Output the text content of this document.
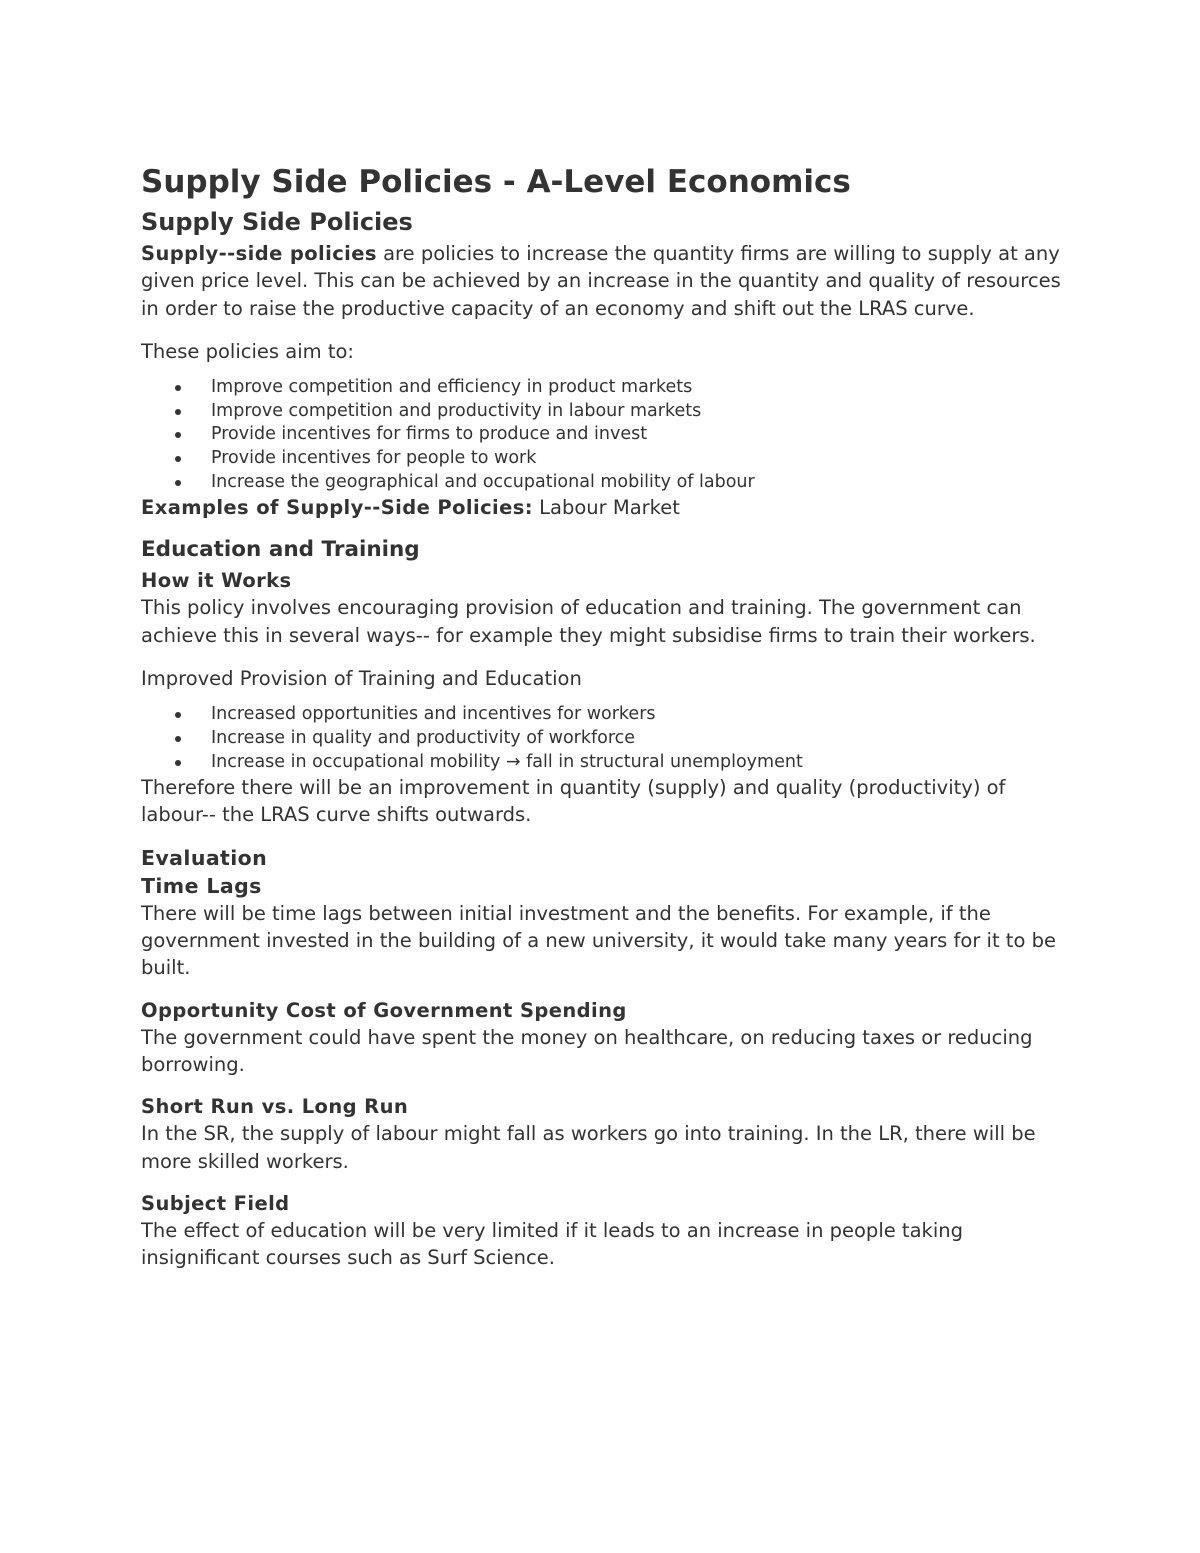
Supply Side Policies - A-Level Economics
Supply Side Policies

Supply--side policies are policies to increase the quantity firms are willing to supply at any given price level. This can be achieved by an increase in the quantity and quality of resources in order to raise the productive capacity of an economy and shift out the LRAS curve.

These policies aim to:

Improve competition and efficiency in product markets
Improve competition and productivity in labour markets
Provide incentives for firms to produce and invest
Provide incentives for people to work
Increase the geographical and occupational mobility of labour

Examples of Supply--Side Policies: Labour Market

Education and Training
How it Works

This policy involves encouraging provision of education and training. The government can achieve this in several ways-- for example they might subsidise firms to train their workers.

Improved Provision of Training and Education

Increased opportunities and incentives for workers
Increase in quality and productivity of workforce
Increase in occupational mobility → fall in structural unemployment

Therefore there will be an improvement in quantity (supply) and quality (productivity) of labour-- the LRAS curve shifts outwards.

Evaluation
Time Lags

There will be time lags between initial investment and the benefits. For example, if the government invested in the building of a new university, it would take many years for it to be built.

Opportunity Cost of Government Spending

The government could have spent the money on healthcare, on reducing taxes or reducing borrowing.

Short Run vs. Long Run

In the SR, the supply of labour might fall as workers go into training. In the LR, there will be more skilled workers.

Subject Field

The effect of education will be very limited if it leads to an increase in people taking insignificant courses such as Surf Science.
